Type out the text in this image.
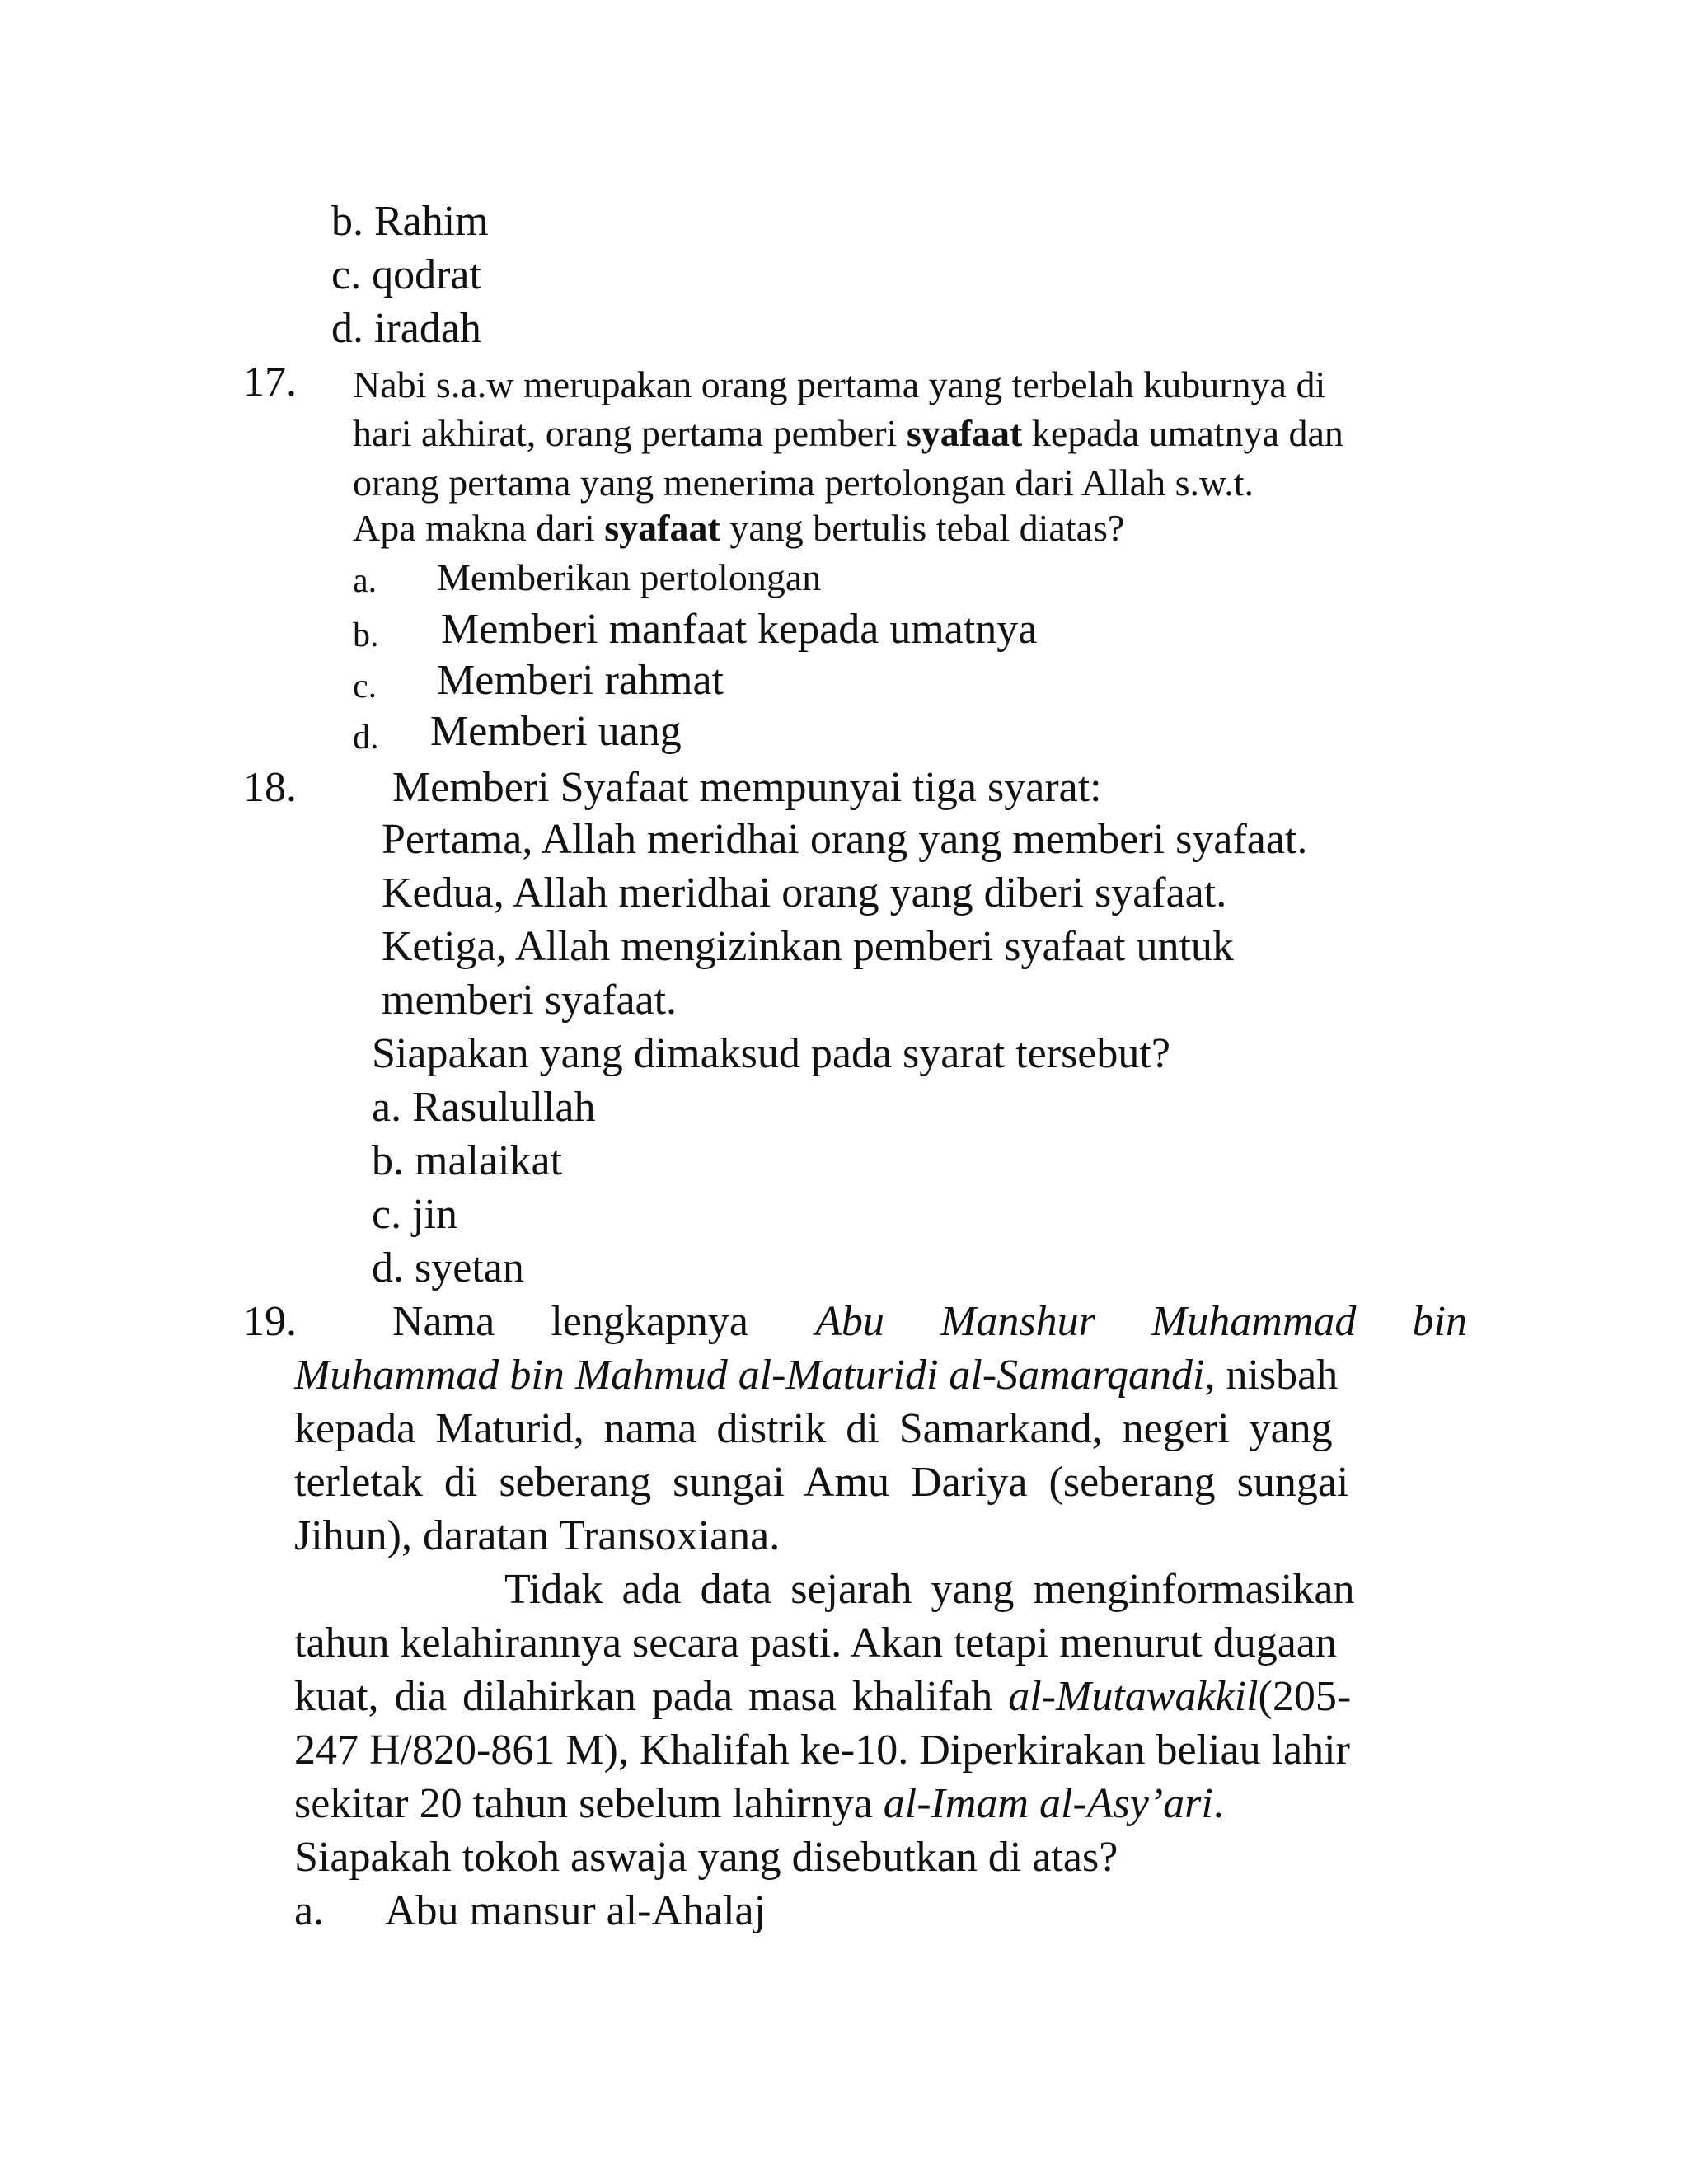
b. Rahim
c. qodrat
d. iradah
17. Nabi s.a.w merupakan orang pertama yang terbelah kuburnya di
hari akhirat, orang pertama pemberi syafaat kepada umatnya dan
orang pertama yang menerima pertolongan dari Allah s.w.t.
Apa makna dari syafaat yang bertulis tebal diatas?
a. Memberikan pertolongan
b. Memberi manfaat kepada umatnya
c. Memberi rahmat
d. Memberi uang
18. Memberi Syafaat mempunyai tiga syarat:
Pertama, Allah meridhai orang yang memberi syafaat.
Kedua, Allah meridhai orang yang diberi syafaat.
Ketiga, Allah mengizinkan pemberi syafaat untuk
memberi syafaat.
Siapakan yang dimaksud pada syarat tersebut?
a. Rasulullah
b. malaikat
c. jin
d. syetan
19. Nama lengkapnya Abu Manshur Muhammad bin
Muhammad bin Mahmud al-Maturidi al-Samarqandi, nisbah
kepada Maturid, nama distrik di Samarkand, negeri yang
terletak di seberang sungai Amu Dariya (seberang sungai
Jihun), daratan Transoxiana.
Tidak ada data sejarah yang menginformasikan
tahun kelahirannya secara pasti. Akan tetapi menurut dugaan
kuat, dia dilahirkan pada masa khalifah al-Mutawakkil(205-
247 H/820-861 M), Khalifah ke-10. Diperkirakan beliau lahir
sekitar 20 tahun sebelum lahirnya al-Imam al-Asy’ari.
Siapakah tokoh aswaja yang disebutkan di atas?
a. Abu mansur al-Ahalaj
